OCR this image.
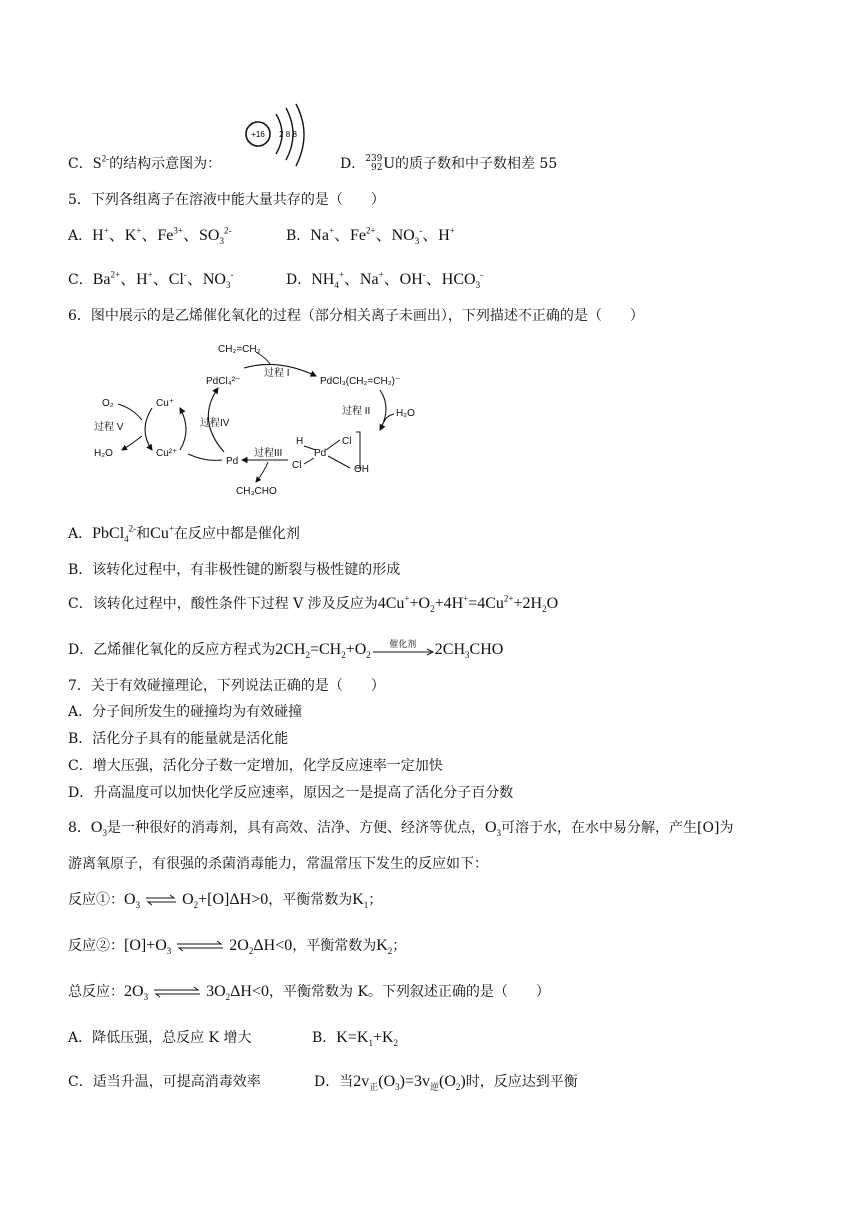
C．$S^{2-}$的结构示意图为：
+16 2 8 8
D．239
92U的质子数和中子数相差 55
5．下列各组离子在溶液中能大量共存的是（　　）
A．H+、K+、$Fe^{3+}$、$SO_3^{2-}$	B．Na+、$Fe^{2+}$、$NO_3^-$、H+
C．$Ba^{2+}$、H+、Cl-、$NO_3^-$	D．$NH_4^+$、Na+、OH-、$HCO_3^-$
6．图中展示的是乙烯催化氧化的过程（部分相关离子未画出），下列描述不正确的是（　　）
CH₂=CH₂
PdCl₄²⁻
过程 I
PdCl₃(CH₂=CH₂)⁻
过程 II	H₂O
H
Pd
Cl
Cl	OH
过程III
Pd
CH₃CHO
过程IV
Cu⁺
Cu²⁺
O₂
过程 V
H₂O
A．PbCl$_4^{2-}$和Cu+在反应中都是催化剂
B．该转化过程中，有非极性键的断裂与极性键的形成
C．该转化过程中，酸性条件下过程 V 涉及反应为$4Cu^++O_2+4H^+=4Cu^{2+}+2H_2O$
D．乙烯催化氧化的反应方程式为$2CH_2=CH_2+O_2$
催化剂	$2CH_3CHO$
7．关于有效碰撞理论，下列说法正确的是（　　）
A．分子间所发生的碰撞均为有效碰撞
B．活化分子具有的能量就是活化能
C．增大压强，活化分子数一定增加，化学反应速率一定加快
D．升高温度可以加快化学反应速率，原因之一是提高了活化分子百分数
8．$O_3$是一种很好的消毒剂，具有高效、洁净、方便、经济等优点，$O_3$可溶于水，在水中易分解，产生[O]为
游离氧原子，有很强的杀菌消毒能力，常温常压下发生的反应如下：
反应①：$O_3$ ⇌ $O_2+[O]\Delta H>0$，平衡常数为$K_1$；
反应②：$[O]+O_3$ ⇌ $2O_2\Delta H<0$，平衡常数为$K_2$；
总反应：$2O_3$ ⇌ $3O_2\Delta H<0$，平衡常数为 K。下列叙述正确的是（　　）
A．降低压强，总反应 K 增大	B．$K=K_1+K_2$
C．适当升温，可提高消毒效率	D．当$2v_正(O_3)=3v_逆(O_2)$时，反应达到平衡
